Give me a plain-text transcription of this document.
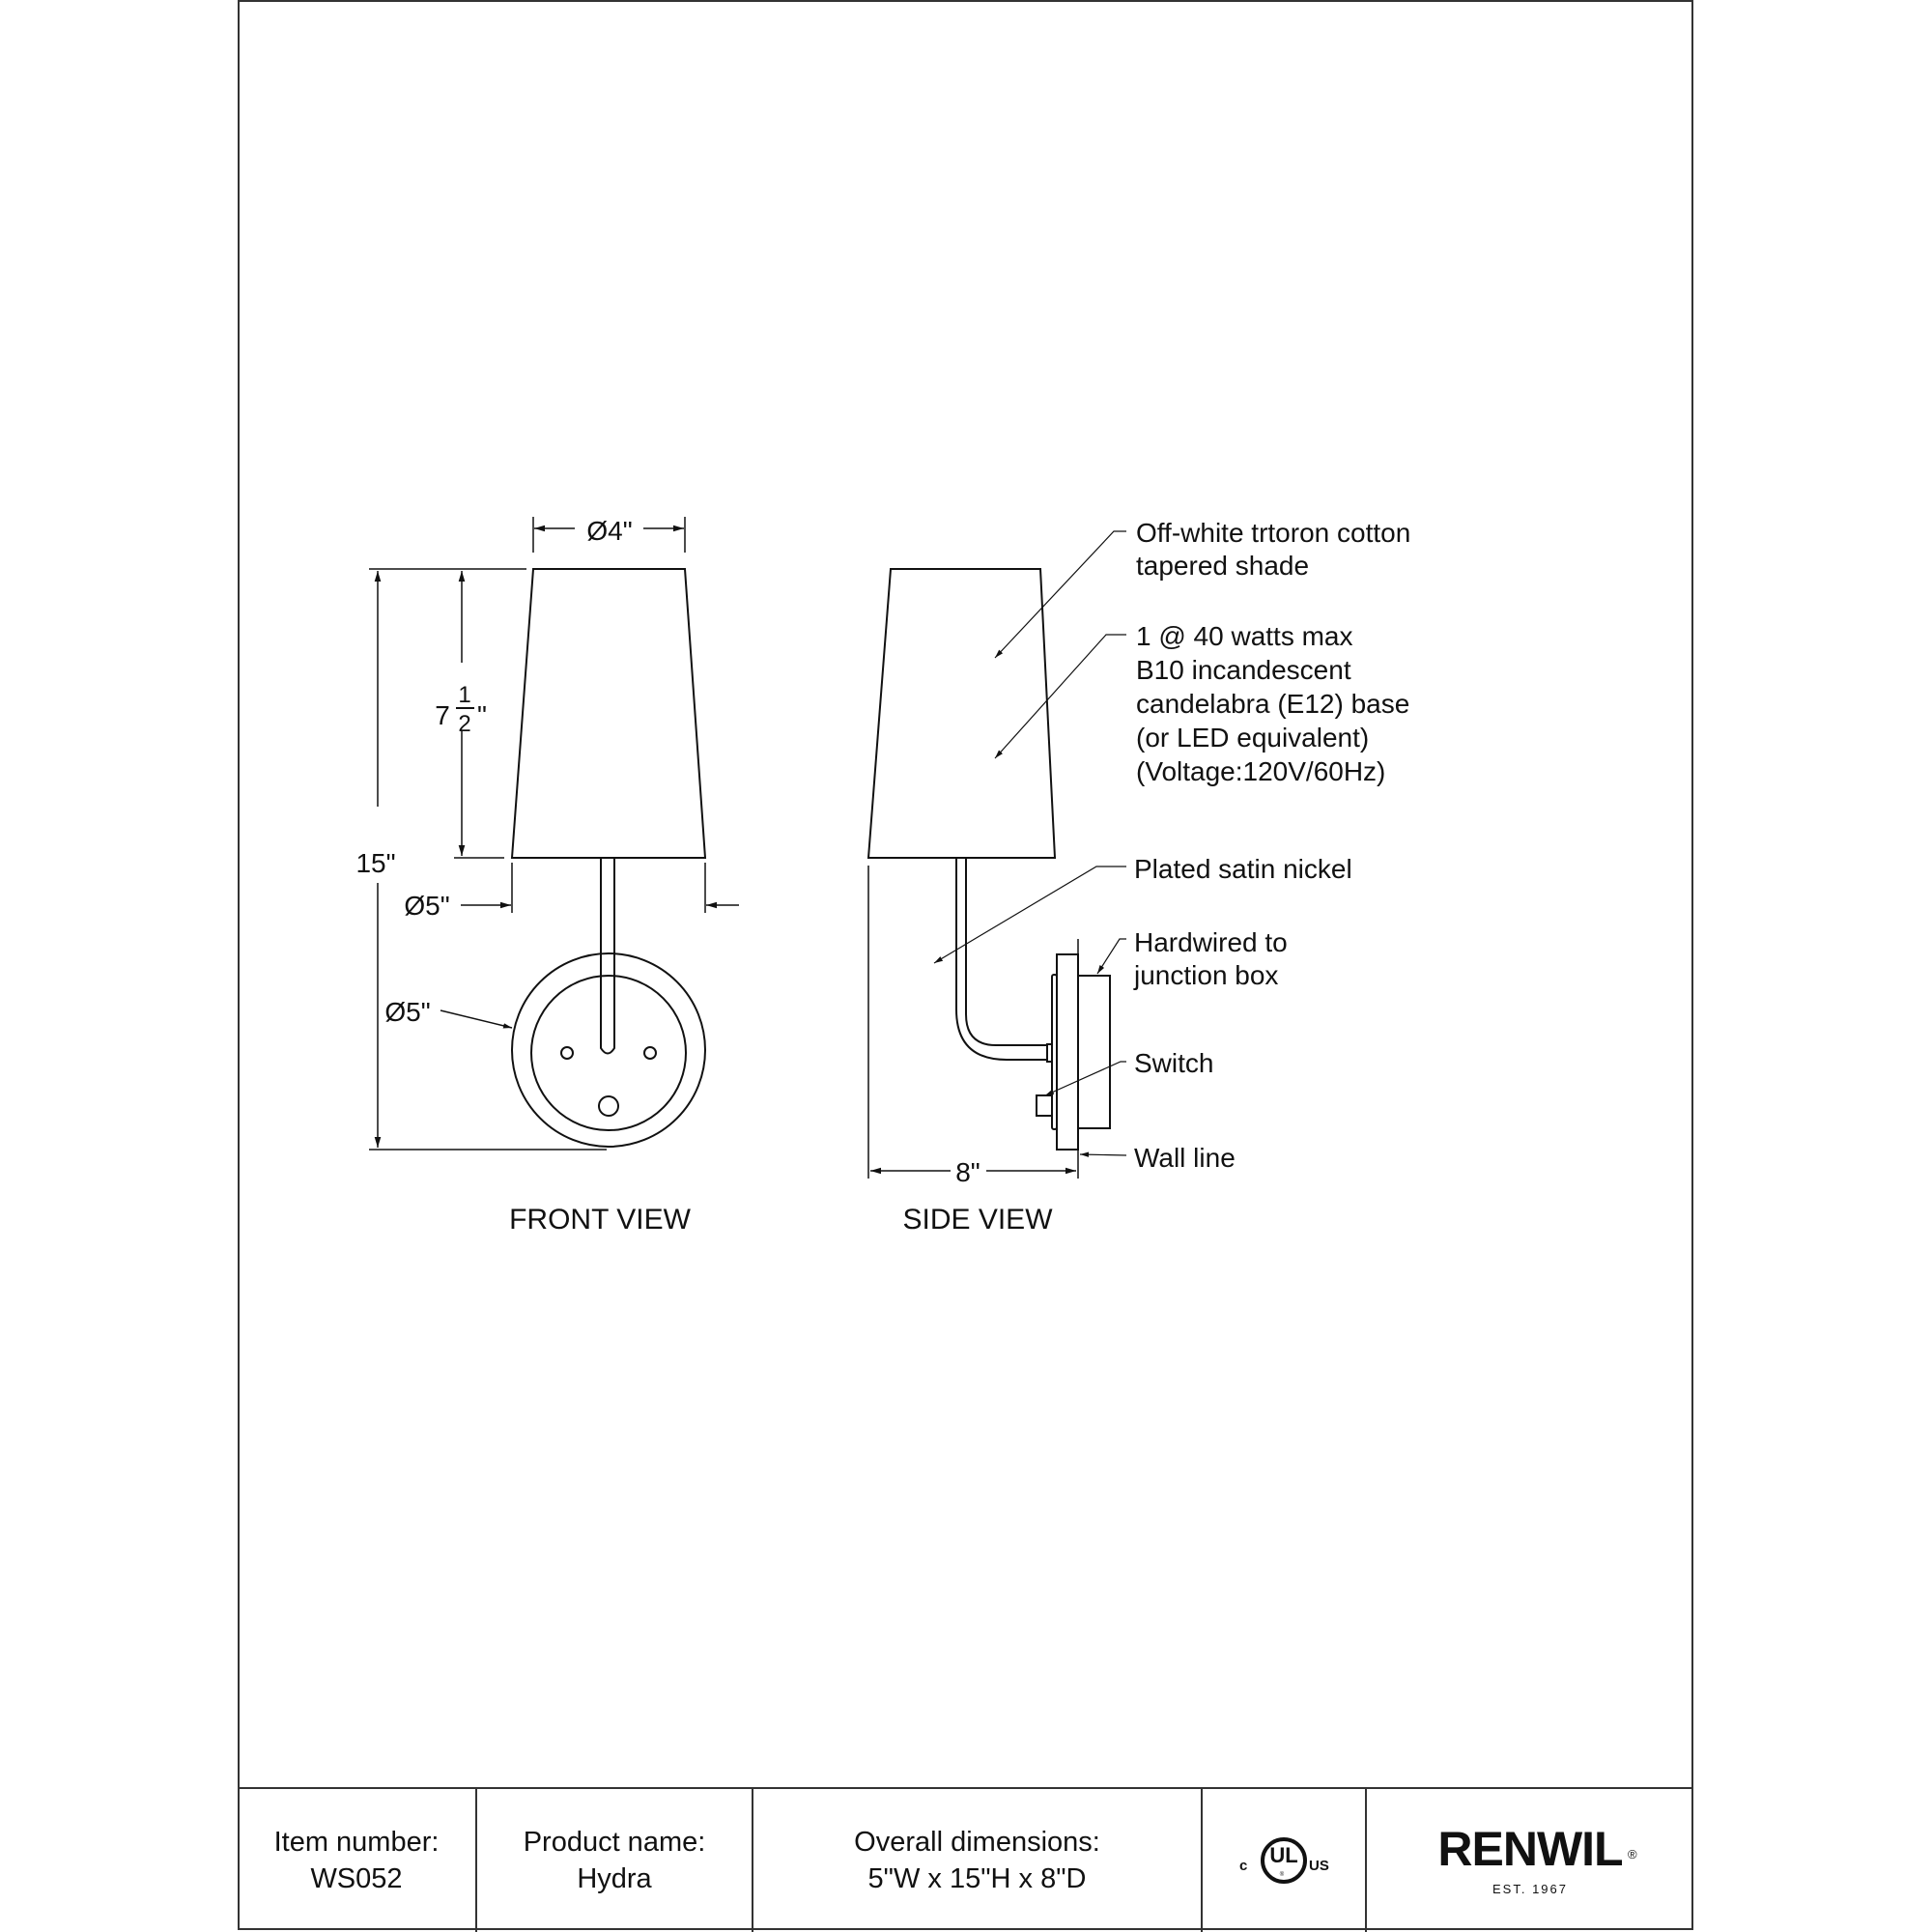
Ø4"
15"
7
1
2 "
Ø5"
Ø5"
FRONT VIEW
8"
SIDE VIEW
Off-white trtoron cotton
tapered shade
1 @ 40 watts max
B10 incandescent
candelabra (E12) base
(or LED equivalent)
(Voltage:120V/60Hz)
Plated satin nickel
Hardwired to
junction box
Switch
Wall line
Item number:
WS052
Product name:
Hydra
Overall dimensions:
5"W x 15"H x 8"D	c UL
®
US RENWIL ®
EST. 1967
